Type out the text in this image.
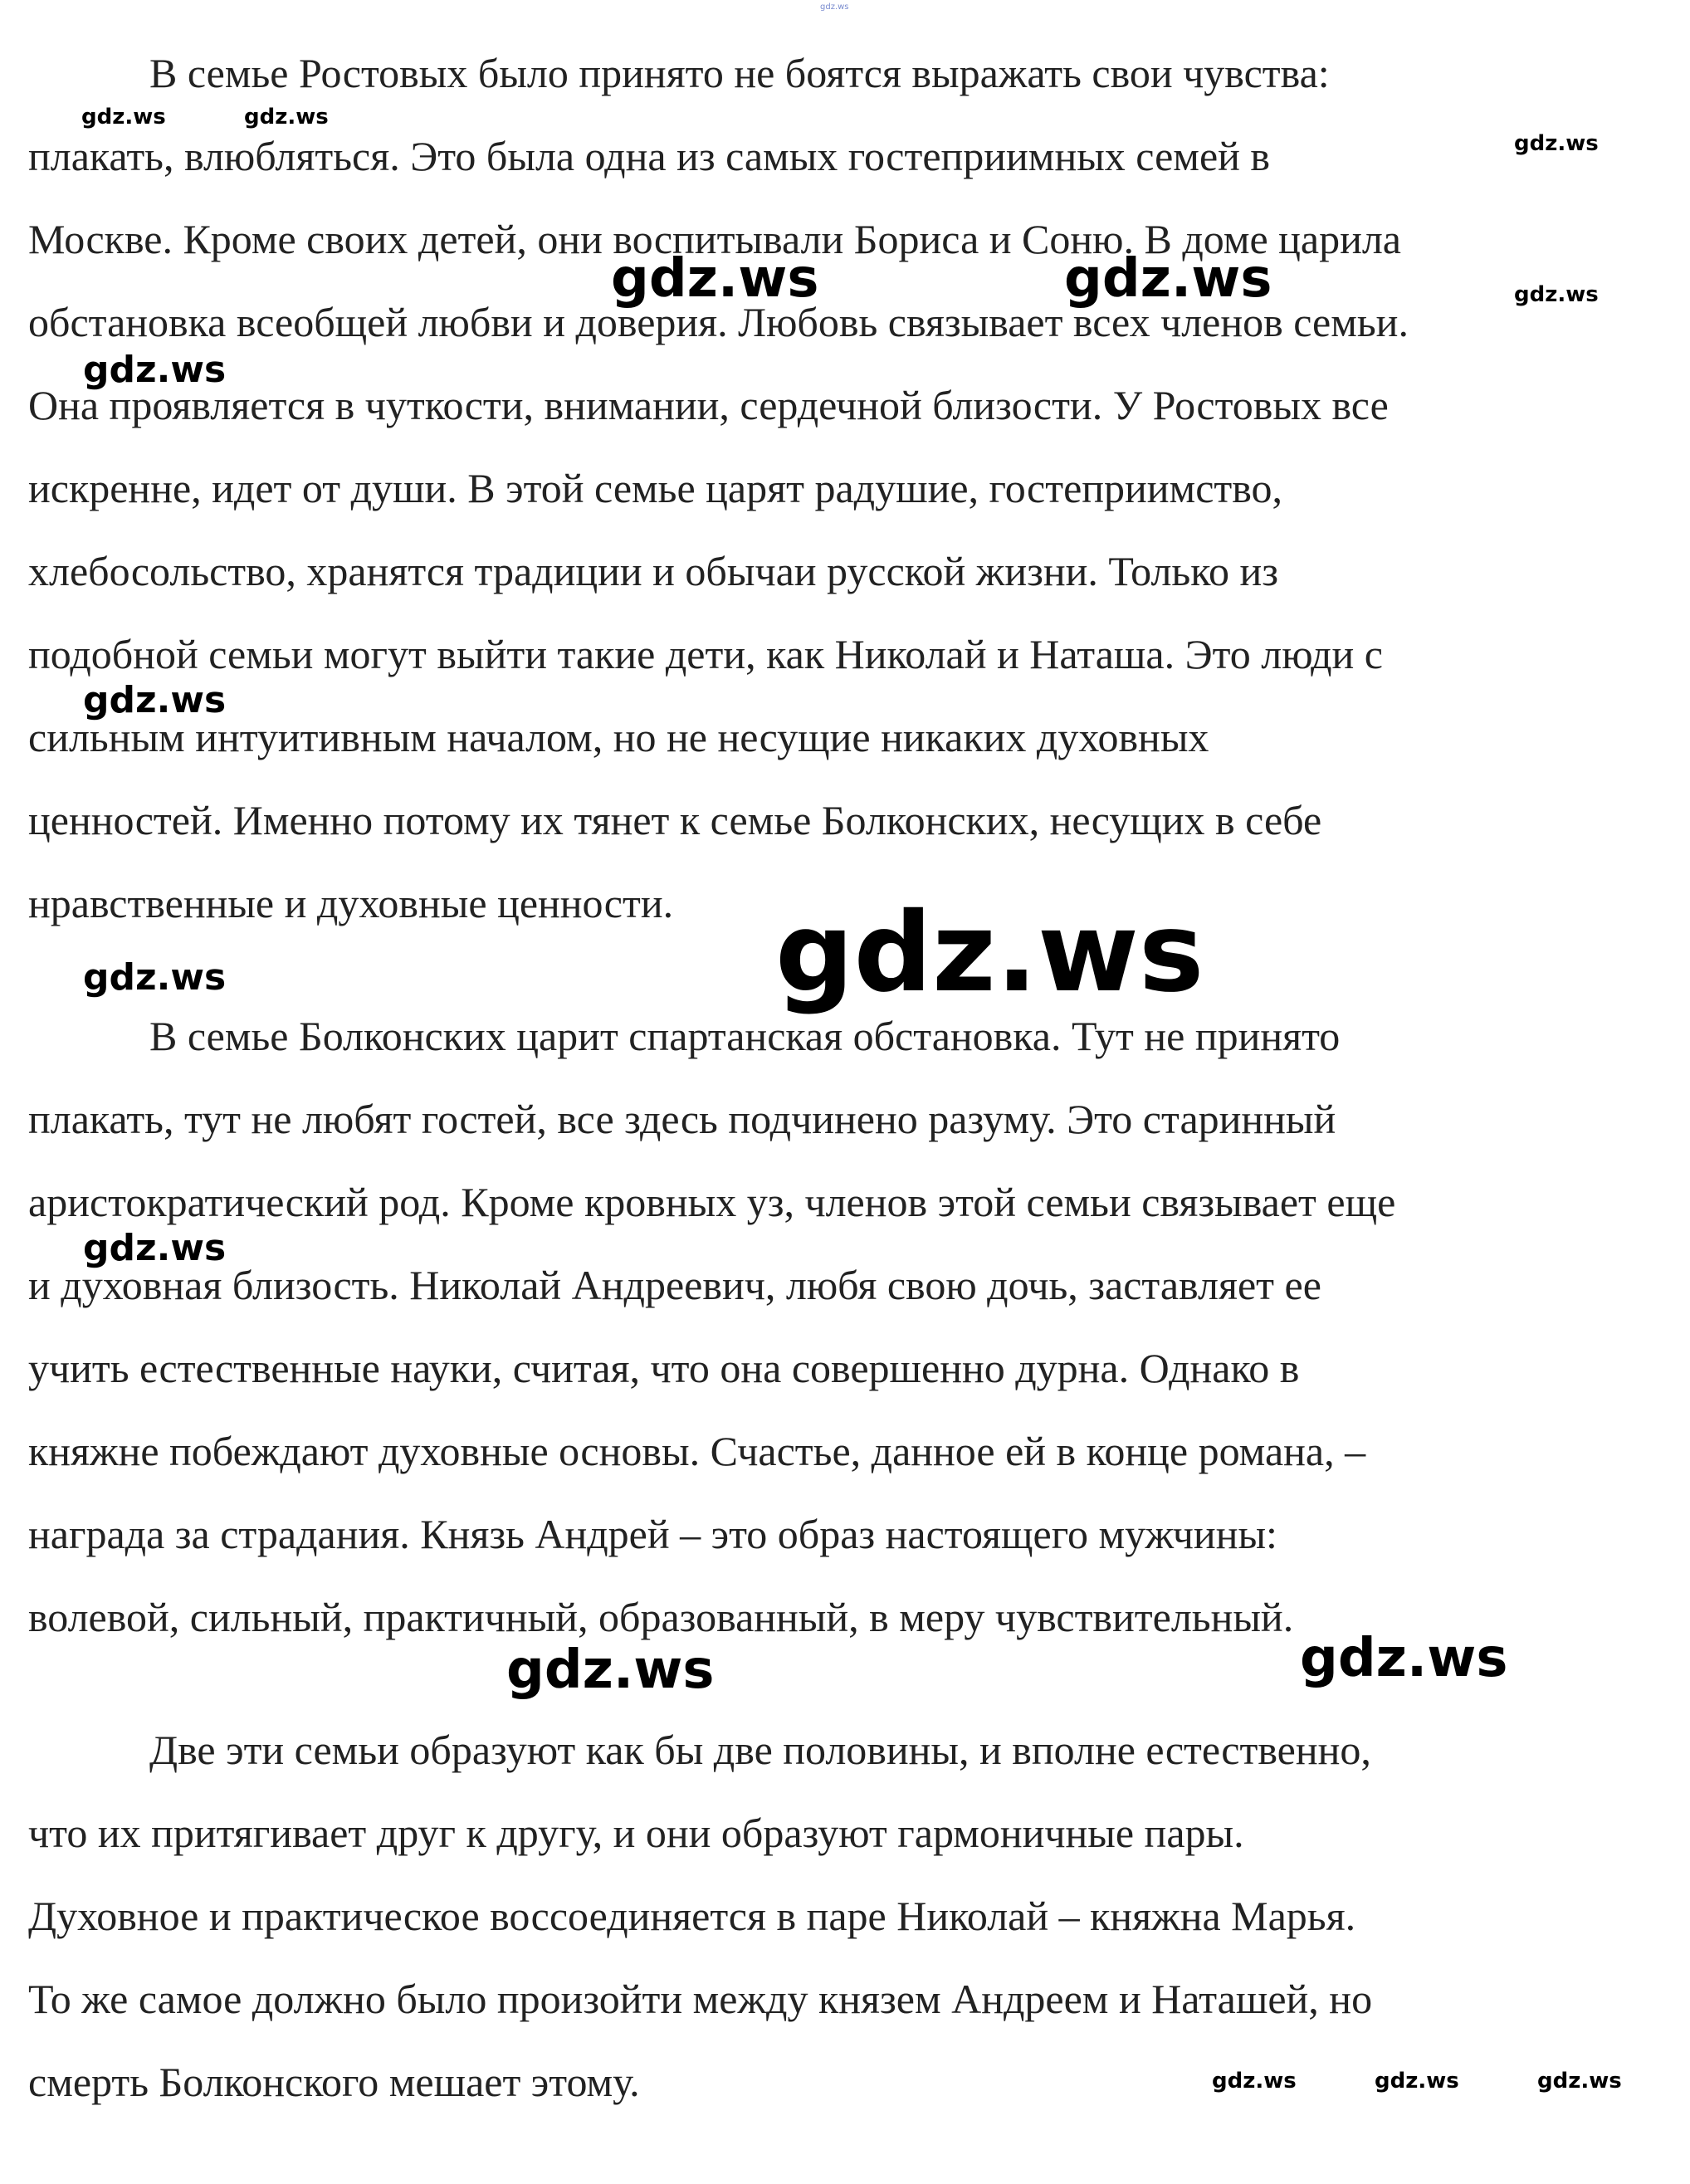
В семье Ростовых было принято не боятся выражать свои чувства:
плакать, влюбляться. Это была одна из самых гостеприимных семей в
Москве. Кроме своих детей, они воспитывали Бориса и Соню. В доме царила
обстановка всеобщей любви и доверия. Любовь связывает всех членов семьи.
Она проявляется в чуткости, внимании, сердечной близости. У Ростовых все
искренне, идет от души. В этой семье царят радушие, гостеприимство,
хлебосольство, хранятся традиции и обычаи русской жизни. Только из
подобной семьи могут выйти такие дети, как Николай и Наташа. Это люди с
сильным интуитивным началом, но не несущие никаких духовных
ценностей. Именно потому их тянет к семье Болконских, несущих в себе
нравственные и духовные ценности.
В семье Болконских царит спартанская обстановка. Тут не принято
плакать, тут не любят гостей, все здесь подчинено разуму. Это старинный
аристократический род. Кроме кровных уз, членов этой семьи связывает еще
и духовная близость. Николай Андреевич, любя свою дочь, заставляет ее
учить естественные науки, считая, что она совершенно дурна. Однако в
княжне побеждают духовные основы. Счастье, данное ей в конце романа, –
награда за страдания. Князь Андрей – это образ настоящего мужчины:
волевой, сильный, практичный, образованный, в меру чувствительный.
Две эти семьи образуют как бы две половины, и вполне естественно,
что их притягивает друг к другу, и они образуют гармоничные пары.
Духовное и практическое воссоединяется в паре Николай – княжна Марья.
То же самое должно было произойти между князем Андреем и Наташей, но
смерть Болконского мешает этому.
gdz.ws
gdz.ws	gdz.ws
gdz.ws
gdz.ws	gdz.ws	gdz.ws
gdz.ws
gdz.ws
gdz.ws
gdz.ws
gdz.ws
gdz.ws	gdz.ws
gdz.ws	gdz.ws	gdz.ws
